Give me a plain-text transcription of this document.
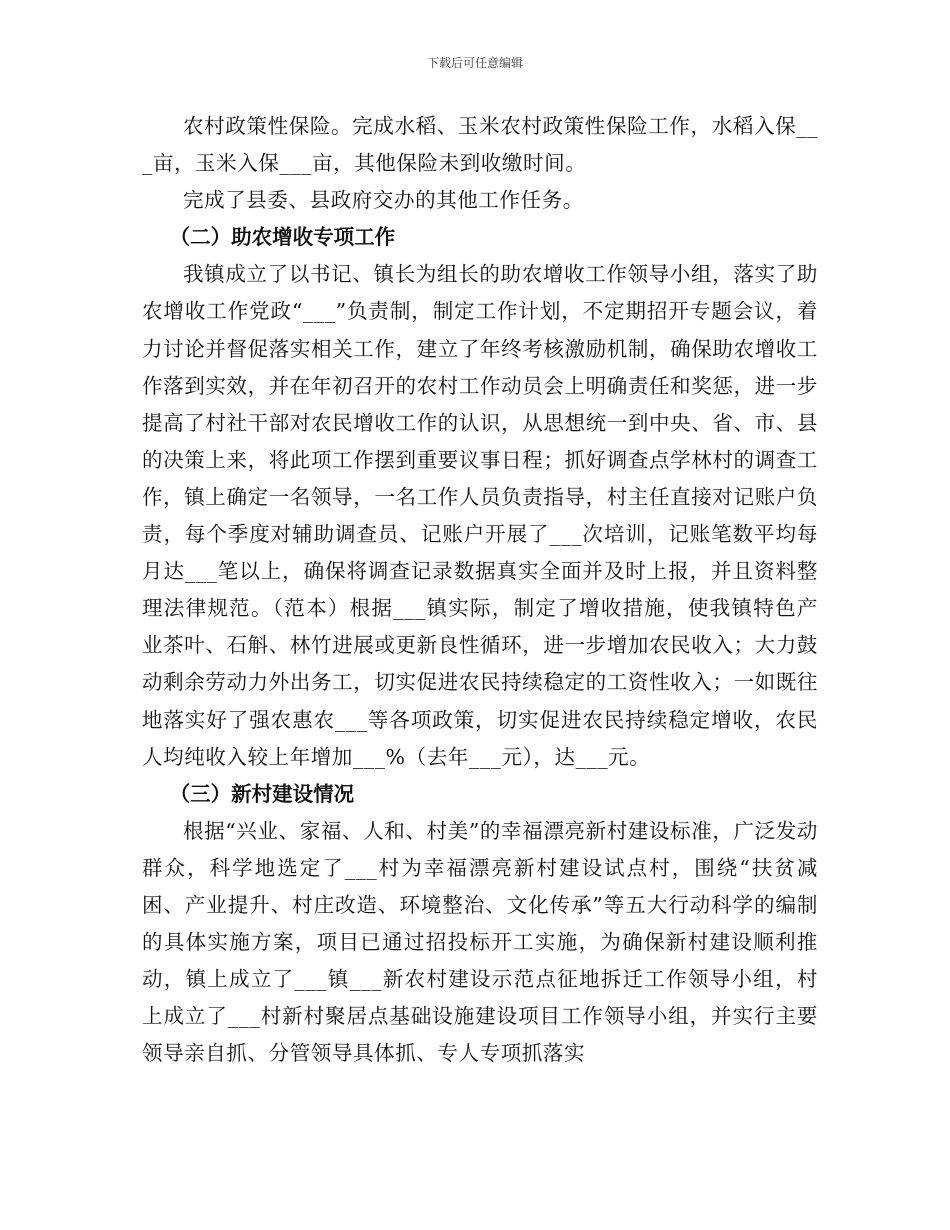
下载后可任意编辑

农村政策性保险。完成水稻、玉米农村政策性保险工作，水稻入保___亩，玉米入保___亩，其他保险未到收缴时间。

完成了县委、县政府交办的其他工作任务。

（二）助农增收专项工作

我镇成立了以书记、镇长为组长的助农增收工作领导小组，落实了助农增收工作党政“___”负责制，制定工作计划，不定期招开专题会议，着力讨论并督促落实相关工作，建立了年终考核激励机制，确保助农增收工作落到实效，并在年初召开的农村工作动员会上明确责任和奖惩，进一步提高了村社干部对农民增收工作的认识，从思想统一到中央、省、市、县的决策上来，将此项工作摆到重要议事日程；抓好调查点学林村的调查工作，镇上确定一名领导，一名工作人员负责指导，村主任直接对记账户负责，每个季度对辅助调查员、记账户开展了___次培训，记账笔数平均每月达___笔以上，确保将调查记录数据真实全面并及时上报，并且资料整理法律规范。（范本）根据___镇实际，制定了增收措施，使我镇特色产业茶叶、石斛、林竹进展或更新良性循环，进一步增加农民收入；大力鼓动剩余劳动力外出务工，切实促进农民持续稳定的工资性收入；一如既往地落实好了强农惠农___等各项政策，切实促进农民持续稳定增收，农民人均纯收入较上年增加___%（去年___元），达___元。

（三）新村建设情况

根据“兴业、家福、人和、村美”的幸福漂亮新村建设标准，广泛发动群众，科学地选定了___村为幸福漂亮新村建设试点村，围绕“扶贫减困、产业提升、村庄改造、环境整治、文化传承”等五大行动科学的编制的具体实施方案，项目已通过招投标开工实施，为确保新村建设顺利推动，镇上成立了___镇___新农村建设示范点征地拆迁工作领导小组，村上成立了___村新村聚居点基础设施建设项目工作领导小组，并实行主要领导亲自抓、分管领导具体抓、专人专项抓落实
